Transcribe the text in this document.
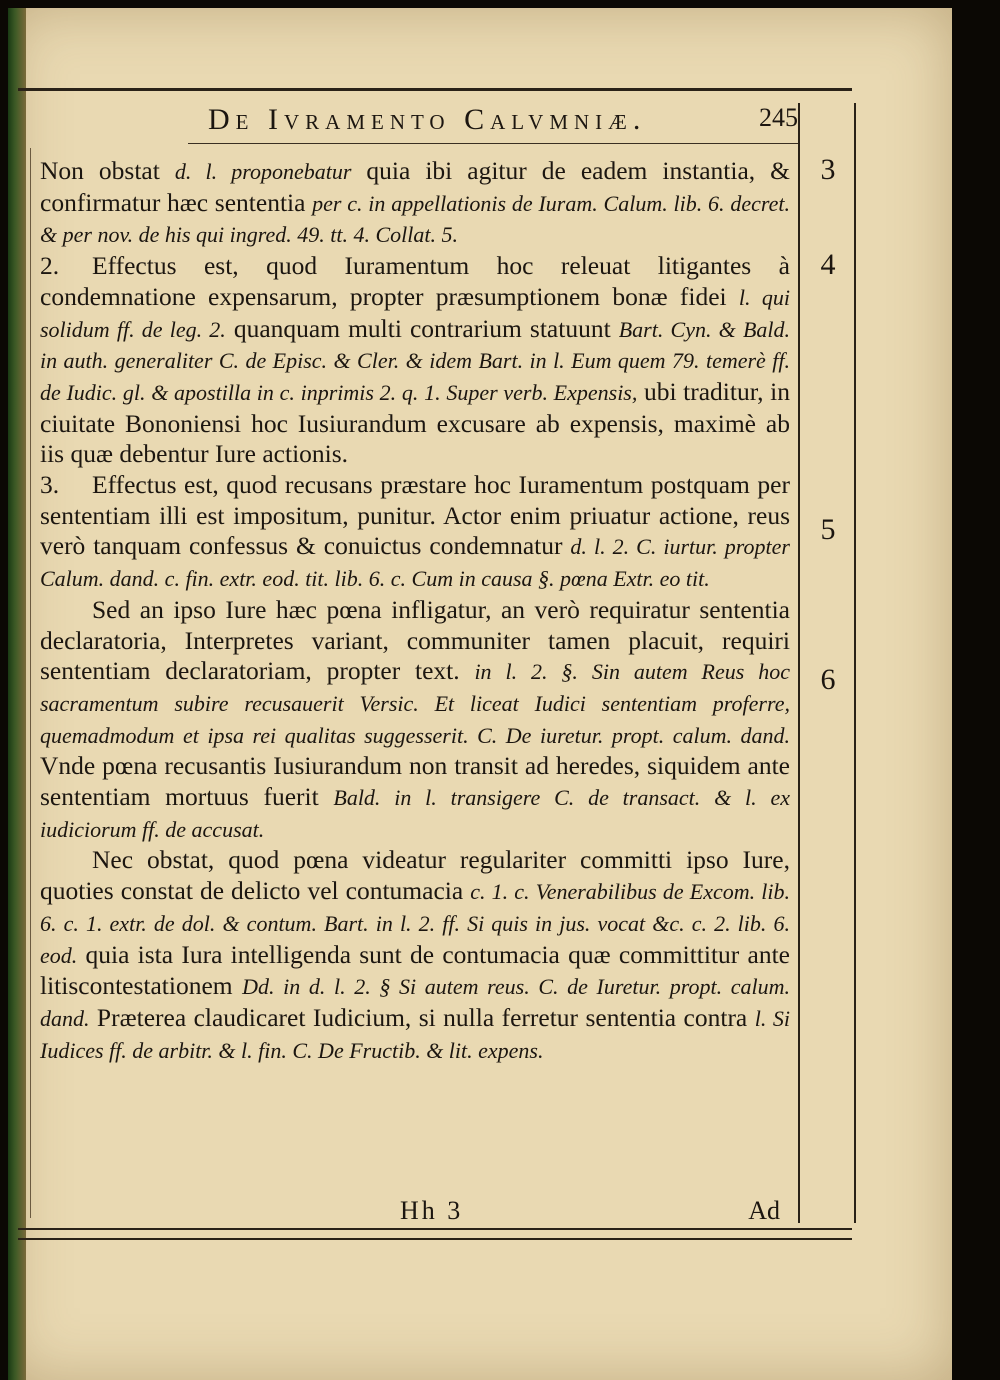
De Ivramento Calvmniæ.	245
3
4
5
6

Non obstat d. l. proponebatur quia ibi agitur de eadem instantia, & confirmatur hæc sententia per c. in appellationis de Iuram. Calum. lib. 6. decret. & per nov. de his qui ingred. 49. tt. 4. Collat. 5.

2. Effectus est, quod Iuramentum hoc releuat litigantes à condemnatione expensarum, propter præsumptionem bonæ fidei l. qui solidum ff. de leg. 2. quanquam multi contrarium statuunt Bart. Cyn. & Bald. in auth. generaliter C. de Episc. & Cler. & idem Bart. in l. Eum quem 79. temerè ff. de Iudic. gl. & apostilla in c. inprimis 2. q. 1. Super verb. Expensis, ubi traditur, in ciuitate Bononiensi hoc Iusiurandum excusare ab expensis, maximè ab iis quæ debentur Iure actionis.

3. Effectus est, quod recusans præstare hoc Iuramentum postquam per sententiam illi est impositum, punitur. Actor enim priuatur actione, reus verò tanquam confessus & conuictus condemnatur d. l. 2. C. iurtur. propter Calum. dand. c. fin. extr. eod. tit. lib. 6. c. Cum in causa §. pœna Extr. eo tit.

Sed an ipso Iure hæc pœna infligatur, an verò requiratur sententia declaratoria, Interpretes variant, communiter tamen placuit, requiri sententiam declaratoriam, propter text. in l. 2. §. Sin autem Reus hoc sacramentum subire recusauerit Versic. Et liceat Iudici sententiam proferre, quemadmodum et ipsa rei qualitas suggesserit. C. De iuretur. propt. calum. dand. Vnde pœna recusantis Iusiurandum non transit ad heredes, siquidem ante sententiam mortuus fuerit Bald. in l. transigere C. de transact. & l. ex iudiciorum ff. de accusat.

Nec obstat, quod pœna videatur regulariter committi ipso Iure, quoties constat de delicto vel contumacia c. 1. c. Venerabilibus de Excom. lib. 6. c. 1. extr. de dol. & contum. Bart. in l. 2. ff. Si quis in jus. vocat &c. c. 2. lib. 6. eod. quia ista Iura intelligenda sunt de contumacia quæ committitur ante litiscontestationem Dd. in d. l. 2. § Si autem reus. C. de Iuretur. propt. calum. dand. Præterea claudicaret Iudicium, si nulla ferretur sententia contra l. Si Iudices ff. de arbitr. & l. fin. C. De Fructib. & lit. expens.

Hh 3	Ad
